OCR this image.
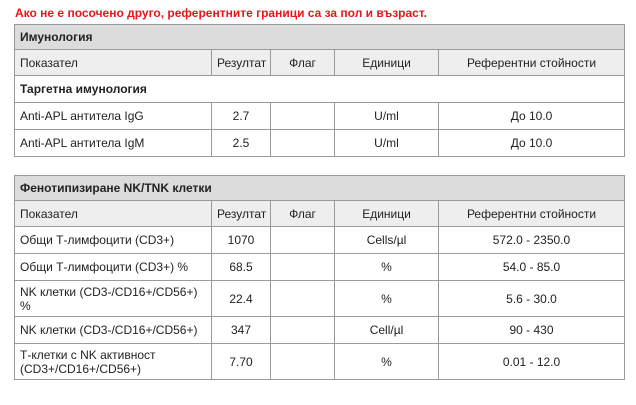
Ако не е посочено друго, референтните граници са за пол и възраст.
Имунология				
Показател	Резултат	Флаг	Единици	Референтни стойности
Таргетна имунология				
Anti-APL антитела IgG	2.7		U/ml	До 10.0
Anti-APL антитела IgM	2.5		U/ml	До 10.0
Фенотипизиране NK/TNK клетки				
Показател	Резултат	Флаг	Единици	Референтни стойности
Общи Т-лимфоцити (CD3+)	1070		Cells/µl	572.0 - 2350.0
Общи Т-лимфоцити (CD3+) %	68.5		%	54.0 - 85.0
NK клетки (CD3-/CD16+/CD56+) %	22.4		%	5.6 - 30.0
NK клетки (CD3-/CD16+/CD56+)	347		Cell/µl	90 - 430
Т-клетки с NK активност (CD3+/CD16+/CD56+)	7.70		%	0.01 - 12.0
